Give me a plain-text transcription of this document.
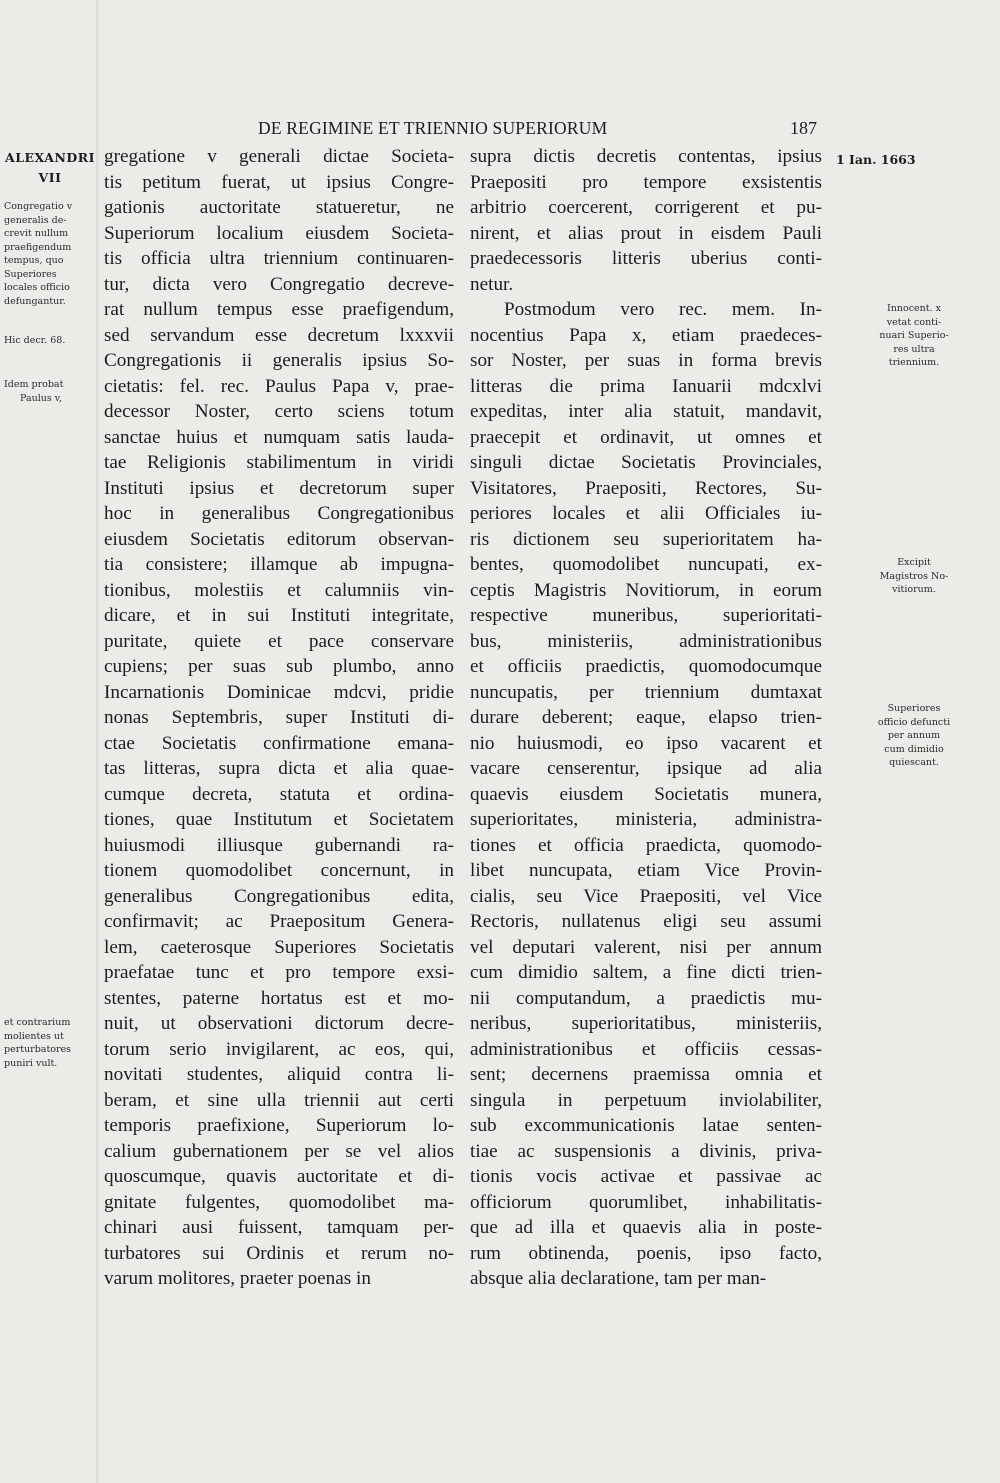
DE REGIMINE ET TRIENNIO SUPERIORUM	187
ALEXANDRI
VII
Congregatio v
generalis de-
crevit nullum
praefigendum
tempus, quo
Superiores
locales officio
defungantur.
Hic decr. 68.
Idem probat
Paulus v,
et contrarium
molientes ut
perturbatores
puniri vult.
1 Ian. 1663
Innocent. x
vetat conti-
nuari Superio-
res ultra
triennium.
Excipit
Magistros No-
vitiorum.
Superiores
officio defuncti
per annum
cum dimidio
quiescant.
gregatione v generali dictae Societa-
tis petitum fuerat, ut ipsius Congre-
gationis auctoritate statueretur, ne
Superiorum localium eiusdem Societa-
tis officia ultra triennium continuaren-
tur, dicta vero Congregatio decreve-
rat nullum tempus esse praefigendum,
sed servandum esse decretum lxxxvii
Congregationis ii generalis ipsius So-
cietatis: fel. rec. Paulus Papa v, prae-
decessor Noster, certo sciens totum
sanctae huius et numquam satis lauda-
tae Religionis stabilimentum in viridi
Instituti ipsius et decretorum super
hoc in generalibus Congregationibus
eiusdem Societatis editorum observan-
tia consistere; illamque ab impugna-
tionibus, molestiis et calumniis vin-
dicare, et in sui Instituti integritate,
puritate, quiete et pace conservare
cupiens; per suas sub plumbo, anno
Incarnationis Dominicae mdcvi, pridie
nonas Septembris, super Instituti di-
ctae Societatis confirmatione emana-
tas litteras, supra dicta et alia quae-
cumque decreta, statuta et ordina-
tiones, quae Institutum et Societatem
huiusmodi illiusque gubernandi ra-
tionem quomodolibet concernunt, in
generalibus Congregationibus edita,
confirmavit; ac Praepositum Genera-
lem, caeterosque Superiores Societatis
praefatae tunc et pro tempore exsi-
stentes, paterne hortatus est et mo-
nuit, ut observationi dictorum decre-
torum serio invigilarent, ac eos, qui,
novitati studentes, aliquid contra li-
beram, et sine ulla triennii aut certi
temporis praefixione, Superiorum lo-
calium gubernationem per se vel alios
quoscumque, quavis auctoritate et di-
gnitate fulgentes, quomodolibet ma-
chinari ausi fuissent, tamquam per-
turbatores sui Ordinis et rerum no-
varum molitores, praeter poenas in
supra dictis decretis contentas, ipsius
Praepositi pro tempore exsistentis
arbitrio coercerent, corrigerent et pu-
nirent, et alias prout in eisdem Pauli
praedecessoris litteris uberius conti-
netur.
Postmodum vero rec. mem. In-
nocentius Papa x, etiam praedeces-
sor Noster, per suas in forma brevis
litteras die prima Ianuarii mdcxlvi
expeditas, inter alia statuit, mandavit,
praecepit et ordinavit, ut omnes et
singuli dictae Societatis Provinciales,
Visitatores, Praepositi, Rectores, Su-
periores locales et alii Officiales iu-
ris dictionem seu superioritatem ha-
bentes, quomodolibet nuncupati, ex-
ceptis Magistris Novitiorum, in eorum
respective muneribus, superioritati-
bus, ministeriis, administrationibus
et officiis praedictis, quomodocumque
nuncupatis, per triennium dumtaxat
durare deberent; eaque, elapso trien-
nio huiusmodi, eo ipso vacarent et
vacare censerentur, ipsique ad alia
quaevis eiusdem Societatis munera,
superioritates, ministeria, administra-
tiones et officia praedicta, quomodo-
libet nuncupata, etiam Vice Provin-
cialis, seu Vice Praepositi, vel Vice
Rectoris, nullatenus eligi seu assumi
vel deputari valerent, nisi per annum
cum dimidio saltem, a fine dicti trien-
nii computandum, a praedictis mu-
neribus, superioritatibus, ministeriis,
administrationibus et officiis cessas-
sent; decernens praemissa omnia et
singula in perpetuum inviolabiliter,
sub excommunicationis latae senten-
tiae ac suspensionis a divinis, priva-
tionis vocis activae et passivae ac
officiorum quorumlibet, inhabilitatis-
que ad illa et quaevis alia in poste-
rum obtinenda, poenis, ipso facto,
absque alia declaratione, tam per man-
